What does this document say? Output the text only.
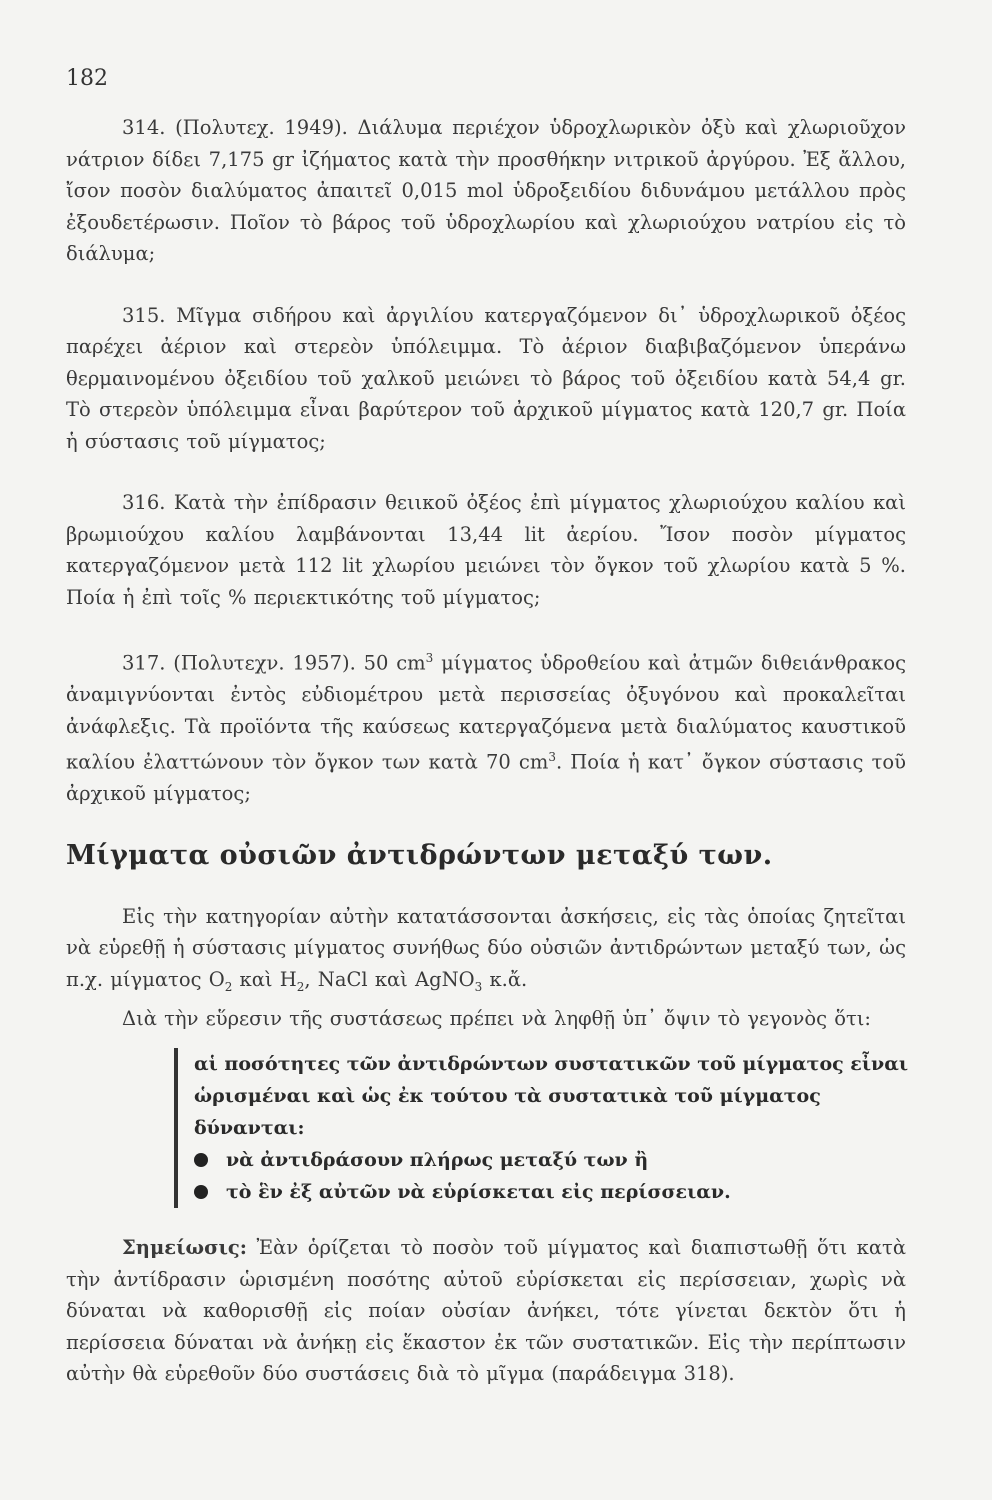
182

314. (Πολυτεχ. 1949). Διάλυμα περιέχον ὑδροχλωρικὸν ὀξὺ καὶ χλωριοῦχον νάτριον δίδει 7,175 gr ἰζήματος κατὰ τὴν προσθήκην νιτρικοῦ ἀργύρου. Ἐξ ἄλλου, ἴσον ποσὸν διαλύματος ἀπαιτεῖ 0,015 mol ὑδροξειδίου διδυνάμου μετάλλου πρὸς ἐξουδετέρωσιν. Ποῖον τὸ βάρος τοῦ ὑδροχλωρίου καὶ χλωριούχου νατρίου εἰς τὸ διάλυμα;

315. Μῖγμα σιδήρου καὶ ἀργιλίου κατεργαζόμενον δι᾽ ὑδροχλωρικοῦ ὀξέος παρέχει ἀέριον καὶ στερεὸν ὑπόλειμμα. Τὸ ἀέριον διαβιβαζόμενον ὑπεράνω θερμαινομένου ὀξειδίου τοῦ χαλκοῦ μειώνει τὸ βάρος τοῦ ὀξειδίου κατὰ 54,4 gr. Τὸ στερεὸν ὑπόλειμμα εἶναι βαρύτερον τοῦ ἀρχικοῦ μίγματος κατὰ 120,7 gr. Ποία ἡ σύστασις τοῦ μίγματος;

316. Κατὰ τὴν ἐπίδρασιν θειικοῦ ὀξέος ἐπὶ μίγματος χλωριούχου καλίου καὶ βρωμιούχου καλίου λαμβάνονται 13,44 lit ἀερίου. Ἴσον ποσὸν μίγματος κατεργαζόμενον μετὰ 112 lit χλωρίου μειώνει τὸν ὄγκον τοῦ χλωρίου κατὰ 5 %. Ποία ἡ ἐπὶ τοῖς % περιεκτικότης τοῦ μίγματος;

317. (Πολυτεχν. 1957). 50 $cm^3$ μίγματος ὑδροθείου καὶ ἀτμῶν διθειάνθρακος ἀναμιγνύονται ἐντὸς εὐδιομέτρου μετὰ περισσείας ὀξυγόνου καὶ προκαλεῖται ἀνάφλεξις. Τὰ προϊόντα τῆς καύσεως κατεργαζόμενα μετὰ διαλύματος καυστικοῦ καλίου ἐλαττώνουν τὸν ὄγκον των κατὰ 70 $cm^3$. Ποία ἡ κατ᾽ ὄγκον σύστασις τοῦ ἀρχικοῦ μίγματος;

Μίγματα οὐσιῶν ἀντιδρώντων μεταξύ των.

Εἰς τὴν κατηγορίαν αὐτὴν κατατάσσονται ἀσκήσεις, εἰς τὰς ὁποίας ζητεῖται νὰ εὑρεθῇ ἡ σύστασις μίγματος συνήθως δύο οὐσιῶν ἀντιδρώντων μεταξύ των, ὡς π.χ. μίγματος $O_2$ καὶ $H_2$, NaCl καὶ AgNO$_3$ κ.ἄ.

Διὰ τὴν εὕρεσιν τῆς συστάσεως πρέπει νὰ ληφθῇ ὑπ᾽ ὄψιν τὸ γεγονὸς ὅτι:

αἱ ποσότητες τῶν ἀντιδρώντων συστατικῶν τοῦ μίγματος εἶναι ὡρισμέναι καὶ ὡς ἐκ τούτου τὰ συστατικὰ τοῦ μίγματος δύνανται:

νὰ ἀντιδράσουν πλήρως μεταξύ των ἢ
τὸ ἓν ἐξ αὐτῶν νὰ εὑρίσκεται εἰς περίσσειαν.

Σημείωσις: Ἐὰν ὁρίζεται τὸ ποσὸν τοῦ μίγματος καὶ διαπιστωθῇ ὅτι κατὰ τὴν ἀντίδρασιν ὡρισμένη ποσότης αὐτοῦ εὑρίσκεται εἰς περίσσειαν, χωρὶς νὰ δύναται νὰ καθορισθῇ εἰς ποίαν οὐσίαν ἀνήκει, τότε γίνεται δεκτὸν ὅτι ἡ περίσσεια δύναται νὰ ἀνήκῃ εἰς ἕκαστον ἐκ τῶν συστατικῶν. Εἰς τὴν περίπτωσιν αὐτὴν θὰ εὑρεθοῦν δύο συστάσεις διὰ τὸ μῖγμα (παράδειγμα 318).
